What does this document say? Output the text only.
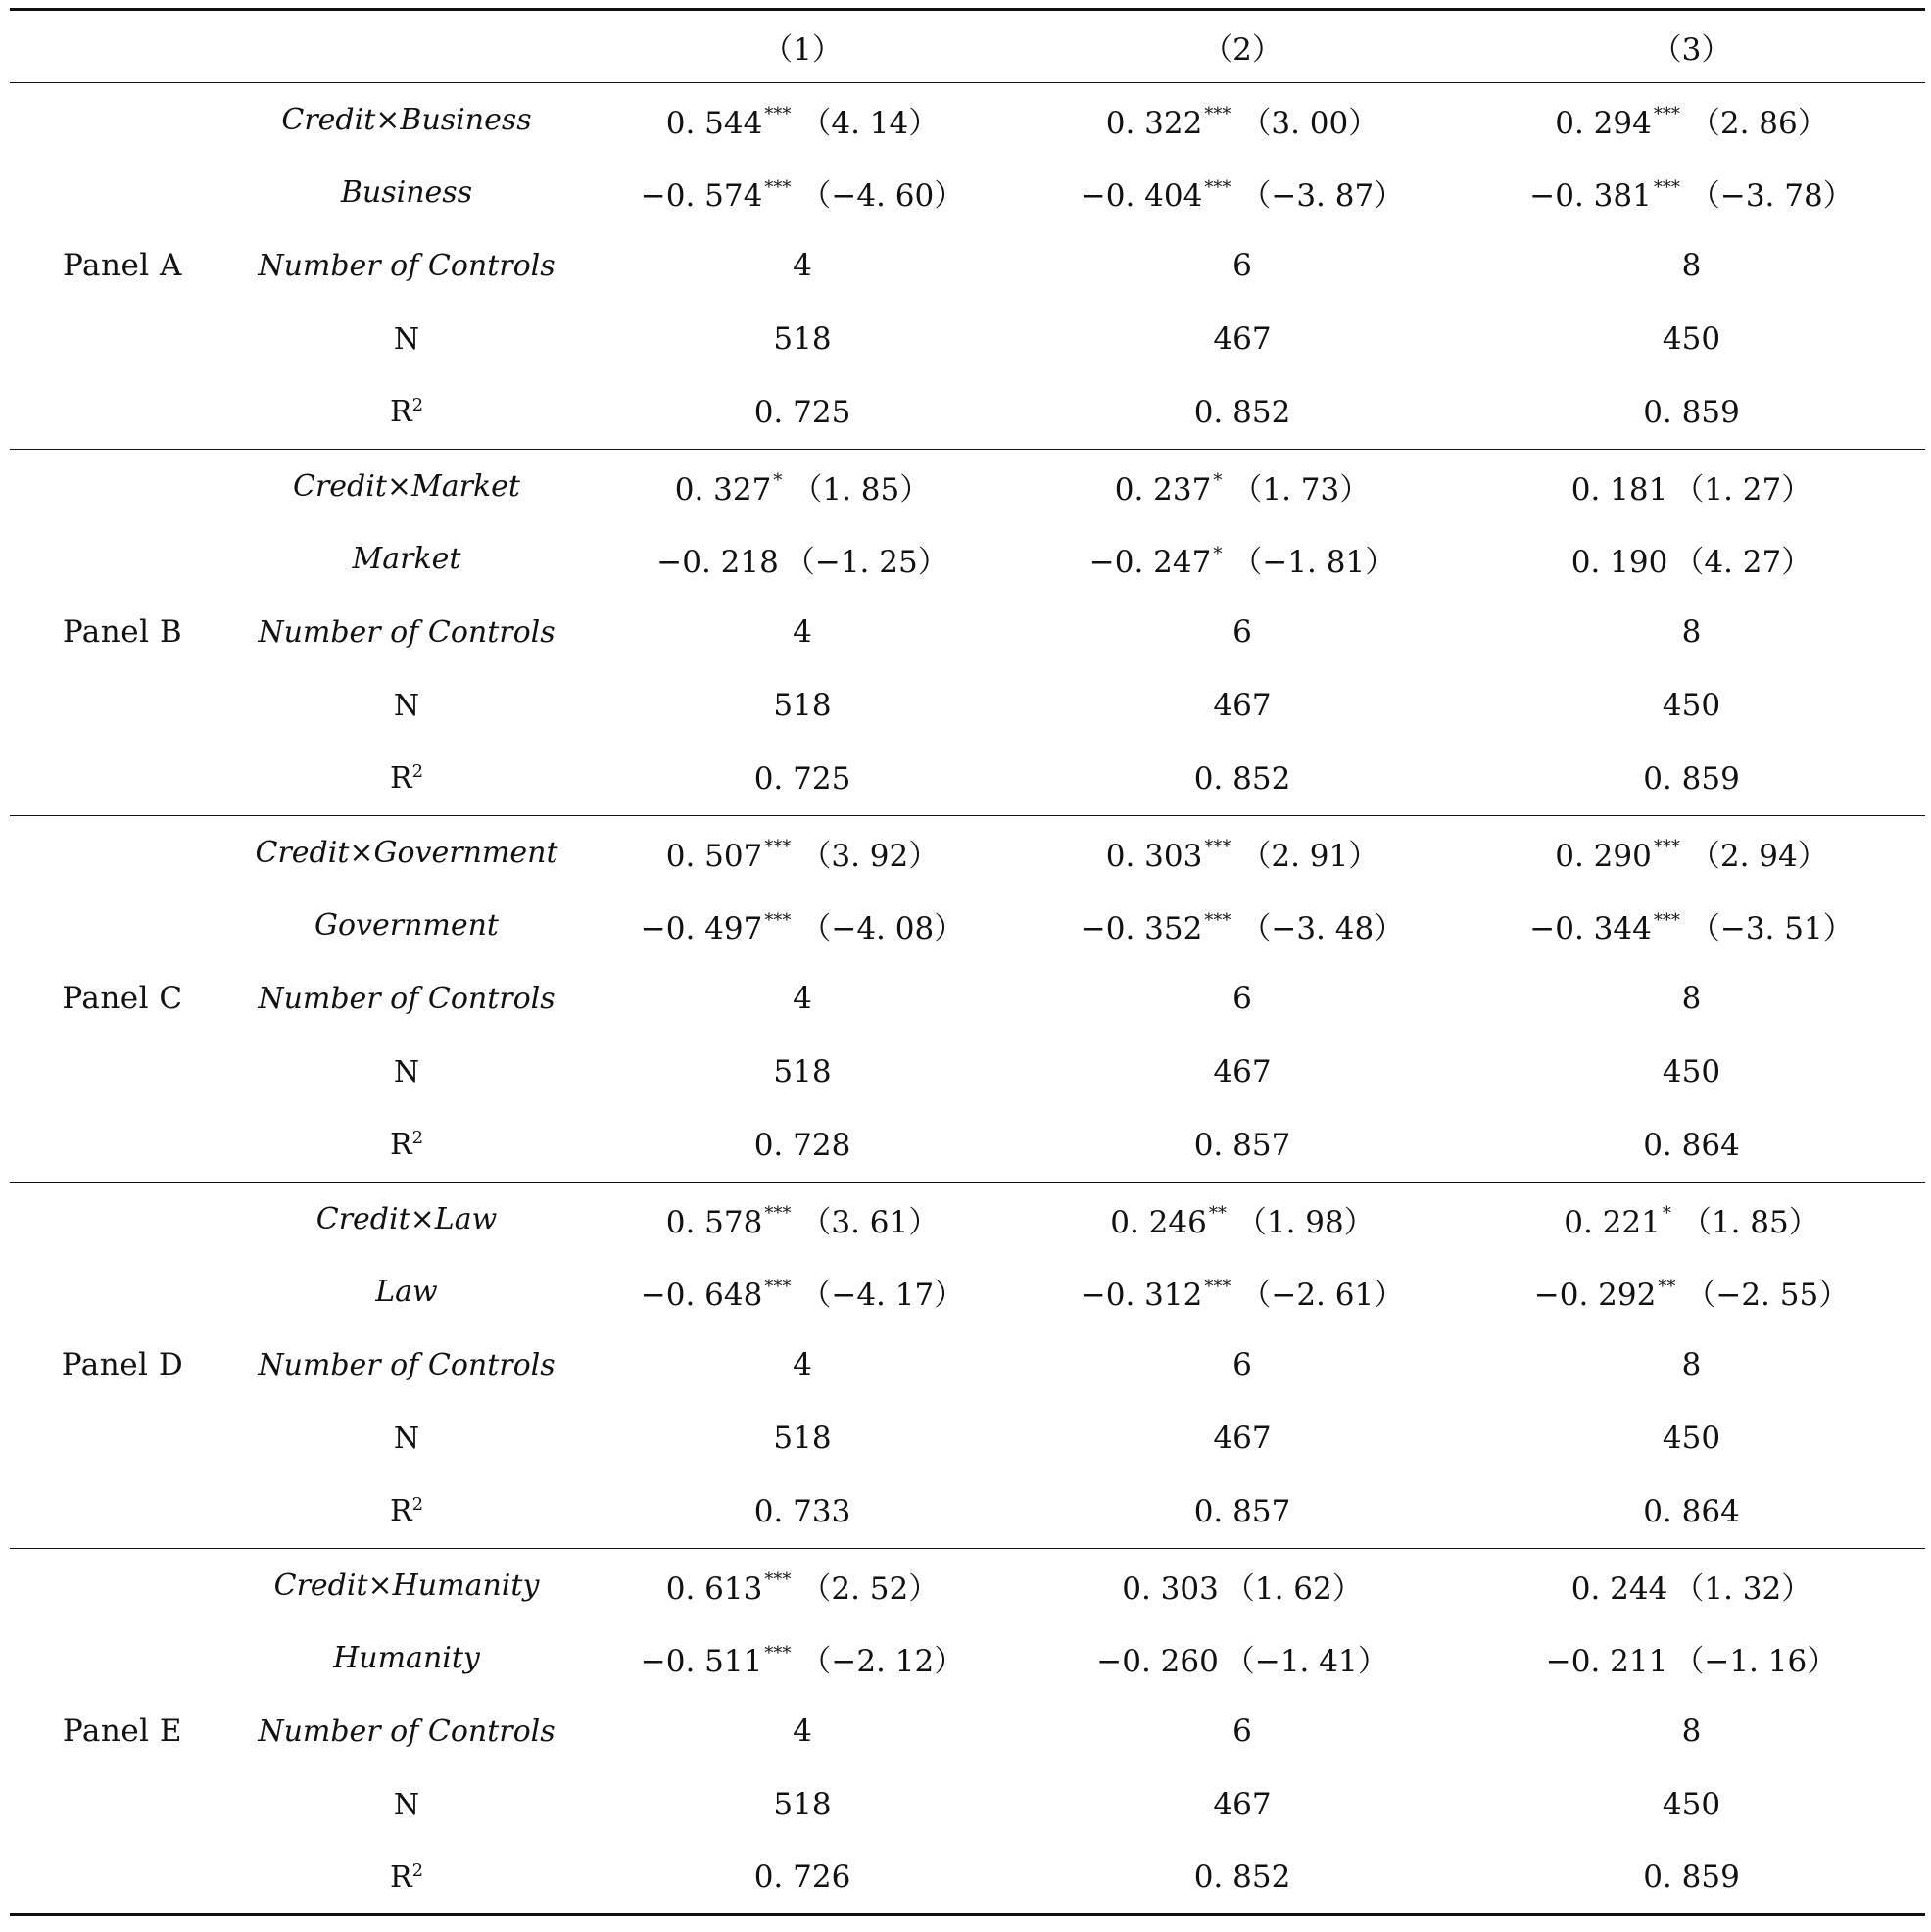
		（1）	（2）	（3）
Panel A	Credit×Business	0. 544 *** （4. 14）	0. 322 *** （3. 00）	0. 294 *** （2. 86）
	Business	−0. 574 *** （−4. 60）	−0. 404 *** （−3. 87）	−0. 381 *** （−3. 78）
	Number of Controls	4	6	8
	N	518	467	450
	$R^2$	0. 725	0. 852	0. 859
Panel B	Credit×Market	0. 327 * （1. 85）	0. 237 * （1. 73）	0. 181 （1. 27）
	Market	−0. 218 （−1. 25）	−0. 247 * （−1. 81）	0. 190 （4. 27）
	Number of Controls	4	6	8
	N	518	467	450
	$R^2$	0. 725	0. 852	0. 859
Panel C	Credit×Government	0. 507 *** （3. 92）	0. 303 *** （2. 91）	0. 290 *** （2. 94）
	Government	−0. 497 *** （−4. 08）	−0. 352 *** （−3. 48）	−0. 344 *** （−3. 51）
	Number of Controls	4	6	8
	N	518	467	450
	$R^2$	0. 728	0. 857	0. 864
Panel D	Credit×Law	0. 578 *** （3. 61）	0. 246 ** （1. 98）	0. 221 * （1. 85）
	Law	−0. 648 *** （−4. 17）	−0. 312 *** （−2. 61）	−0. 292 ** （−2. 55）
	Number of Controls	4	6	8
	N	518	467	450
	$R^2$	0. 733	0. 857	0. 864
Panel E	Credit×Humanity	0. 613 *** （2. 52）	0. 303 （1. 62）	0. 244 （1. 32）
	Humanity	−0. 511 *** （−2. 12）	−0. 260 （−1. 41）	−0. 211 （−1. 16）
	Number of Controls	4	6	8
	N	518	467	450
	$R^2$	0. 726	0. 852	0. 859
